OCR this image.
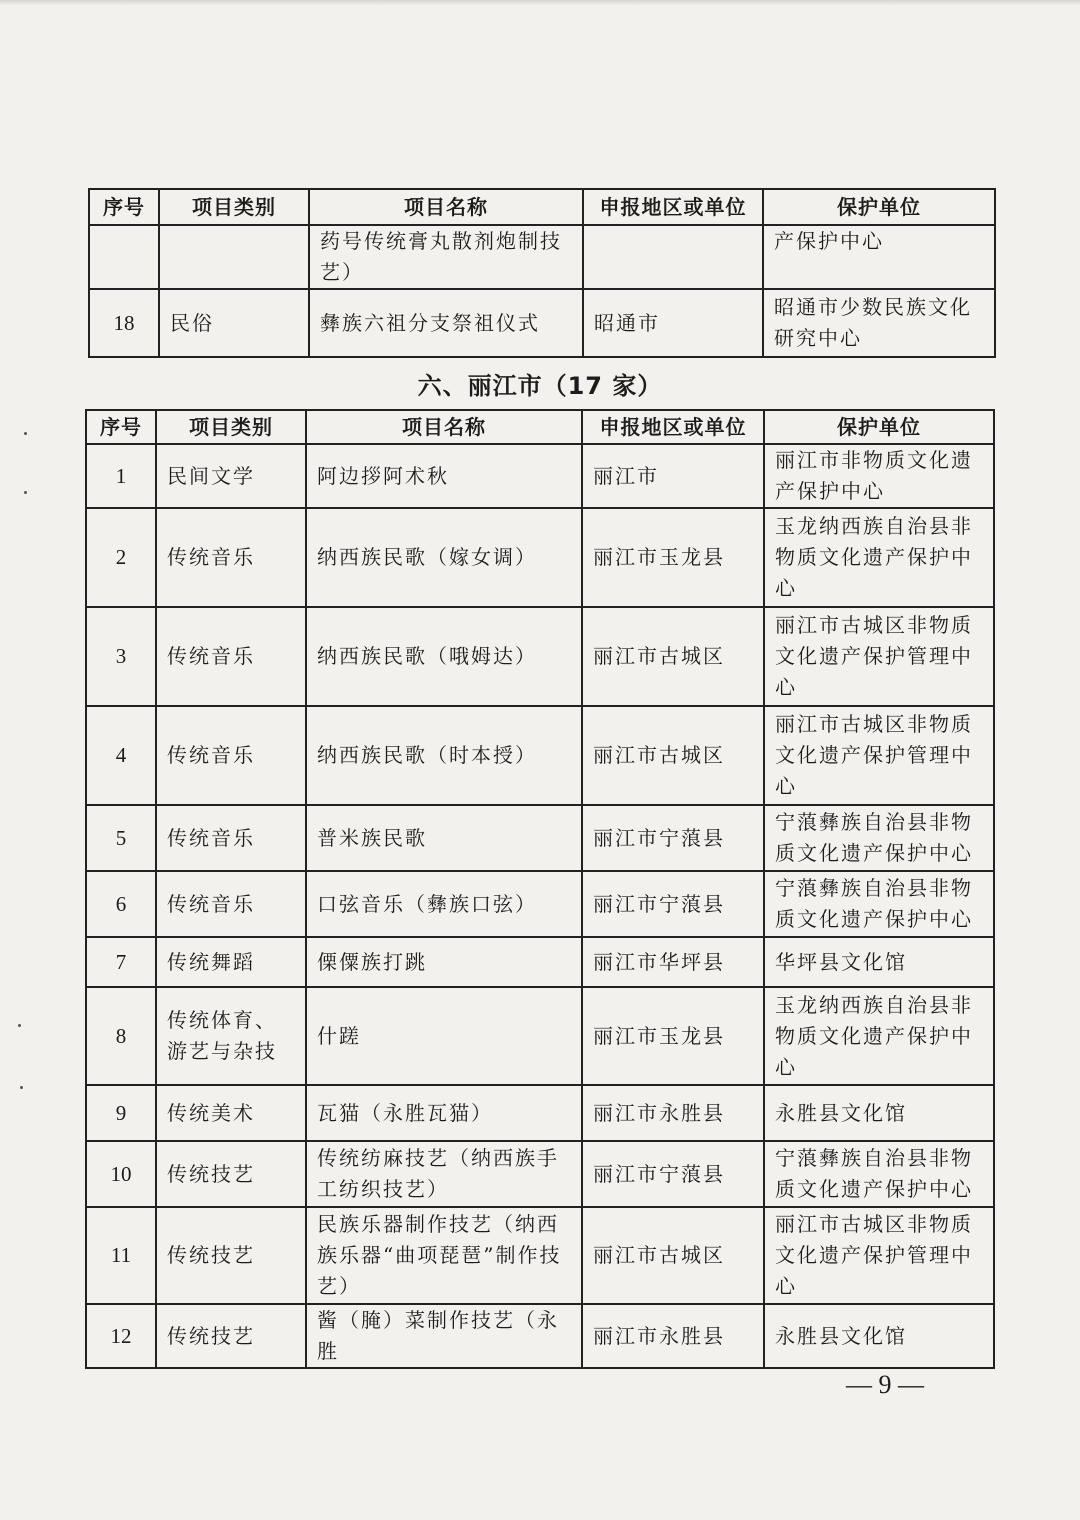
序号	项目类别	项目名称	申报地区或单位	保护单位
		药号传统膏丸散剂炮制技艺）		产保护中心
18	民俗	彝族六祖分支祭祖仪式	昭通市	昭通市少数民族文化研究中心
六、丽江市（17 家）
序号	项目类别	项目名称	申报地区或单位	保护单位
1	民间文学	阿边拶阿术秋	丽江市	丽江市非物质文化遗产保护中心
2	传统音乐	纳西族民歌（嫁女调）	丽江市玉龙县	玉龙纳西族自治县非物质文化遗产保护中心
3	传统音乐	纳西族民歌（哦姆达）	丽江市古城区	丽江市古城区非物质文化遗产保护管理中心
4	传统音乐	纳西族民歌（时本授）	丽江市古城区	丽江市古城区非物质文化遗产保护管理中心
5	传统音乐	普米族民歌	丽江市宁蒗县	宁蒗彝族自治县非物质文化遗产保护中心
6	传统音乐	口弦音乐（彝族口弦）	丽江市宁蒗县	宁蒗彝族自治县非物质文化遗产保护中心
7	传统舞蹈	傈僳族打跳	丽江市华坪县	华坪县文化馆
8	传统体育、游艺与杂技	什蹉	丽江市玉龙县	玉龙纳西族自治县非物质文化遗产保护中心
9	传统美术	瓦猫（永胜瓦猫）	丽江市永胜县	永胜县文化馆
10	传统技艺	传统纺麻技艺（纳西族手工纺织技艺）	丽江市宁蒗县	宁蒗彝族自治县非物质文化遗产保护中心
11	传统技艺	民族乐器制作技艺（纳西族乐器“曲项琵琶”制作技艺）	丽江市古城区	丽江市古城区非物质文化遗产保护管理中心
12	传统技艺	酱（腌）菜制作技艺（永胜	丽江市永胜县	永胜县文化馆
— 9 —
